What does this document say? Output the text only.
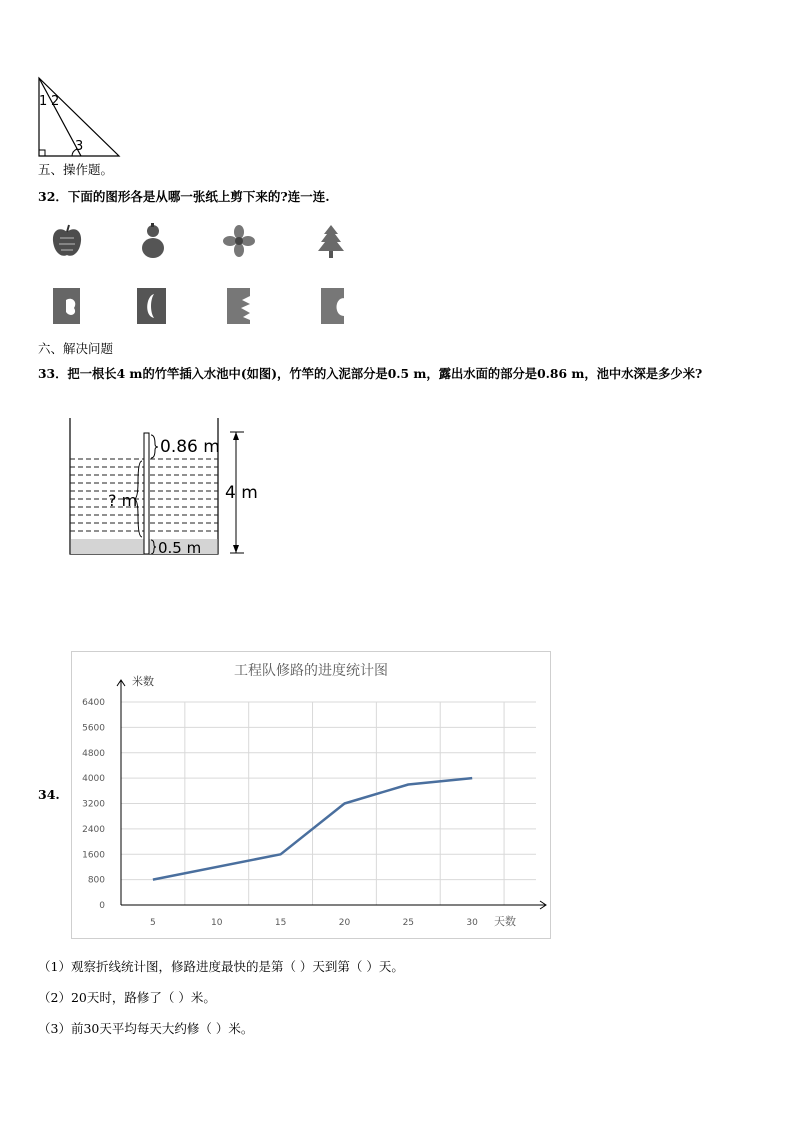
1 2
3
五、操作题。
32．下面的图形各是从哪一张纸上剪下来的?连一连.
六、解决问题
33．把一根长4 m的竹竿插入水池中(如图)，竹竿的入泥部分是0.5 m，露出水面的部分是0.86 m，池中水深是多少米?
0.86 m
4 m
? m
0.5 m
34.
工程队修路的进度统计图
米数
天数
0
800
1600
2400
3200
4000
4800
5600
6400
5	10	15	20	25	30
（1）观察折线统计图，修路进度最快的是第（ ）天到第（ ）天。
（2）20天时，路修了（ ）米。
（3）前30天平均每天大约修（ ）米。
